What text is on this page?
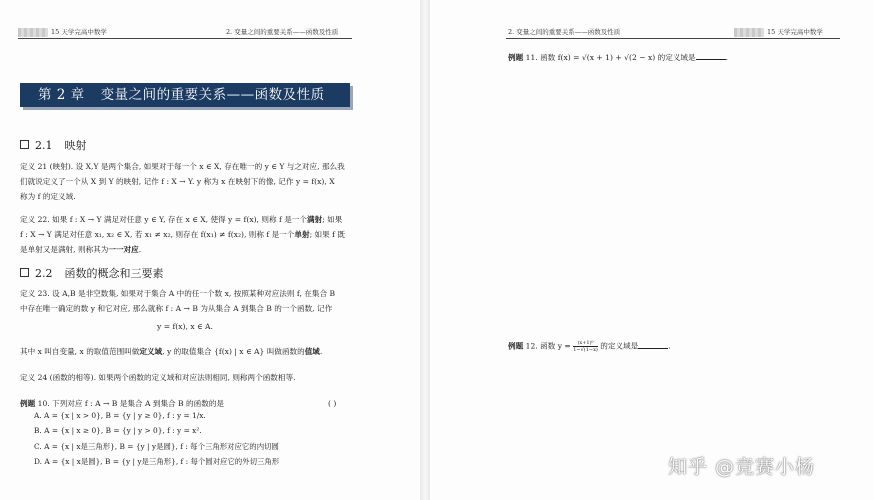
15 天学完高中数学	2. 变量之间的重要关系——函数及性质
第 2 章 变量之间的重要关系——函数及性质
2.1 映射
定义 21 (映射). 设 X,Y 是两个集合, 如果对于每一个 x ∈ X, 存在唯一的 y ∈ Y 与之对应, 那么我
们就说定义了一个从 X 到 Y 的映射, 记作 f : X → Y. y 称为 x 在映射下的像, 记作 y = f(x), X
称为 f 的定义域.
定义 22. 如果 f : X → Y 满足对任意 y ∈ Y, 存在 x ∈ X, 使得 y = f(x), 则称 f 是一个满射; 如果
f : X → Y 满足对任意 x₁, x₂ ∈ X, 若 x₁ ≠ x₂, 则存在 f(x₁) ≠ f(x₂), 则称 f 是一个单射; 如果 f 既
是单射又是满射, 则称其为一一对应.
2.2 函数的概念和三要素
定义 23. 设 A,B 是非空数集, 如果对于集合 A 中的任一个数 x, 按照某种对应法则 f, 在集合 B
中存在唯一确定的数 y 和它对应, 那么就称 f : A → B 为从集合 A 到集合 B 的一个函数, 记作
y = f(x), x ∈ A.
其中 x 叫自变量, x 的取值范围叫做定义域, y 的取值集合 {f(x) | x ∈ A} 叫做函数的值域.
定义 24 (函数的相等). 如果两个函数的定义域和对应法则相同, 则称两个函数相等.
例题 10. 下列对应 f : A → B 是集合 A 到集合 B 的函数的是	( )
A. A = {x | x > 0}, B = {y | y ≥ 0}, f : y = 1/x.
B. A = {x | x ≥ 0}, B = {y | y > 0}, f : y = x².
C. A = {x | x是三角形}, B = {y | y是圆}, f : 每个三角形对应它的内切圆
D. A = {x | x是圆}, B = {y | y是三角形}, f : 每个圆对应它的外切三角形
2. 变量之间的重要关系——函数及性质	15 天学完高中数学
例题 11. 函数 f(x) = √(x + 1) + √(2 − x) 的定义域是	.
例题 12. 函数 $y = \frac{\text{(x+1)⁰}}{1-√(1-x)}$ 的定义域是	.
知乎 @竞赛小杨
